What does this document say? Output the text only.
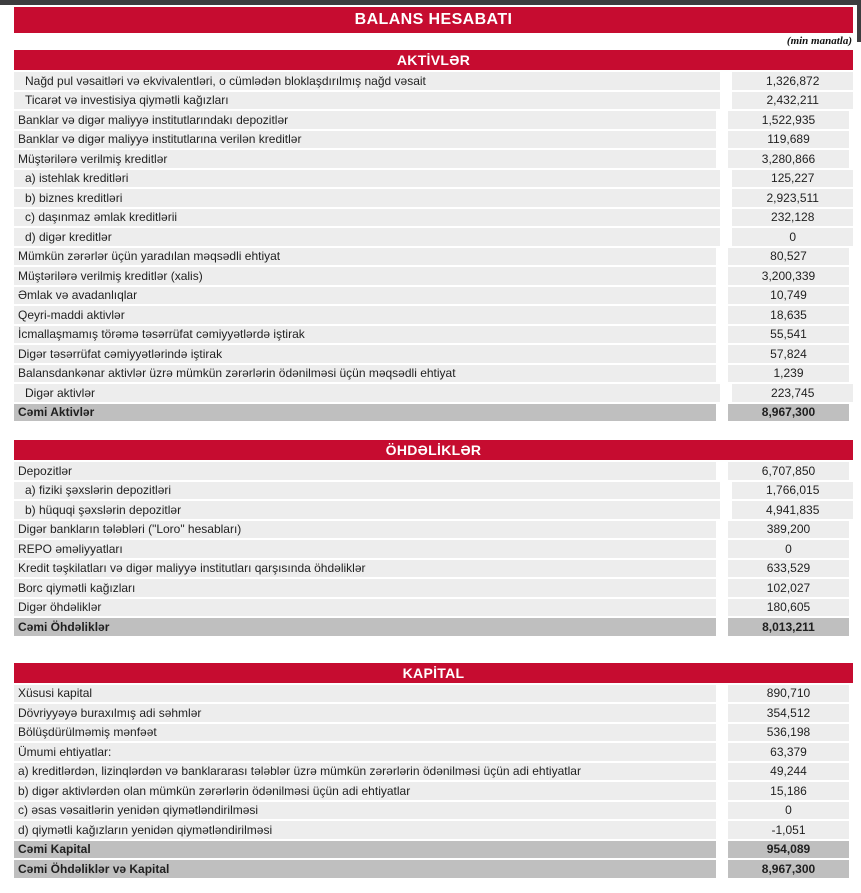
BALANS HESABATI
(min manatla)
AKTİVLƏR
Nağd pul vəsaitləri və ekvivalentləri, o cümlədən bloklaşdırılmış nağd vəsait	1,326,872
Ticarət və investisiya qiymətli kağızları	2,432,211
Banklar və digər maliyyə institutlarındakı depozitlər	1,522,935
Banklar və digər maliyyə institutlarına verilən kreditlər	119,689
Müştərilərə verilmiş kreditlər	3,280,866
a) istehlak kreditləri	125,227
b) biznes kreditləri	2,923,511
c) daşınmaz əmlak kreditlərii	232,128
d) digər kreditlər	0
Mümkün zərərlər üçün yaradılan məqsədli ehtiyat	80,527
Müştərilərə verilmiş kreditlər (xalis)	3,200,339
Əmlak və avadanlıqlar	10,749
Qeyri-maddi aktivlər	18,635
İcmallaşmamış törəmə təsərrüfat cəmiyyətlərdə iştirak	55,541
Digər təsərrüfat cəmiyyətlərində iştirak	57,824
Balansdankənar aktivlər üzrə mümkün zərərlərin ödənilməsi üçün məqsədli ehtiyat	1,239
Digər aktivlər	223,745
Cəmi Aktivlər	8,967,300
ÖHDƏLİKLƏR
Depozitlər	6,707,850
a) fiziki şəxslərin depozitləri	1,766,015
b) hüquqi şəxslərin depozitlər	4,941,835
Digər bankların tələbləri ("Loro" hesabları)	389,200
REPO əməliyyatları	0
Kredit təşkilatları və digər maliyyə institutları qarşısında öhdəliklər	633,529
Borc qiymətli kağızları	102,027
Digər öhdəliklər	180,605
Cəmi Öhdəliklər	8,013,211
KAPİTAL
Xüsusi kapital	890,710
Dövriyyəyə buraxılmış adi səhmlər	354,512
Bölüşdürülməmiş mənfəət	536,198
Ümumi ehtiyatlar:	63,379
a) kreditlərdən, lizinqlərdən və banklararası tələblər üzrə mümkün zərərlərin ödənilməsi üçün adi ehtiyatlar	49,244
b) digər aktivlərdən olan mümkün zərərlərin ödənilməsi üçün adi ehtiyatlar	15,186
c) əsas vəsaitlərin yenidən qiymətləndirilməsi	0
d) qiymətli kağızların yenidən qiymətləndirilməsi	-1,051
Cəmi Kapital	954,089
Cəmi Öhdəliklər və Kapital	8,967,300
